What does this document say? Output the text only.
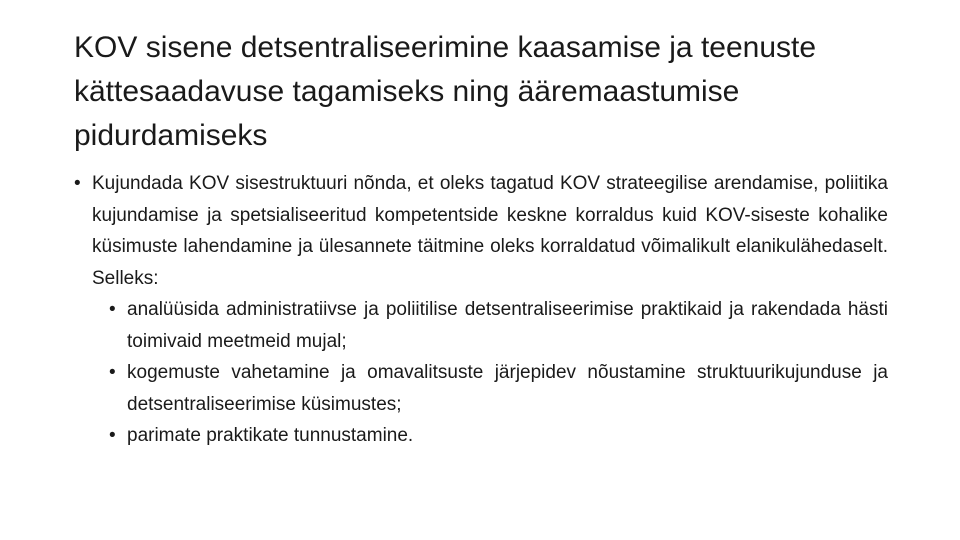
KOV sisene detsentraliseerimine kaasamise ja teenuste kättesaadavuse tagamiseks ning ääremaastumise pidurdamiseks

• Kujundada KOV sisestruktuuri nõnda, et oleks tagatud KOV strateegilise arendamise, poliitika kujundamise ja spetsialiseeritud kompetentside keskne korraldus kuid KOV-siseste kohalike küsimuste lahendamine ja ülesannete täitmine oleks korraldatud võimalikult elanikulähedaselt. Selleks:

• analüüsida administratiivse ja poliitilise detsentraliseerimise praktikaid ja rakendada hästi toimivaid meetmeid mujal;

• kogemuste vahetamine ja omavalitsuste järjepidev nõustamine struktuurikujunduse ja detsentraliseerimise küsimustes;

• parimate praktikate tunnustamine.
